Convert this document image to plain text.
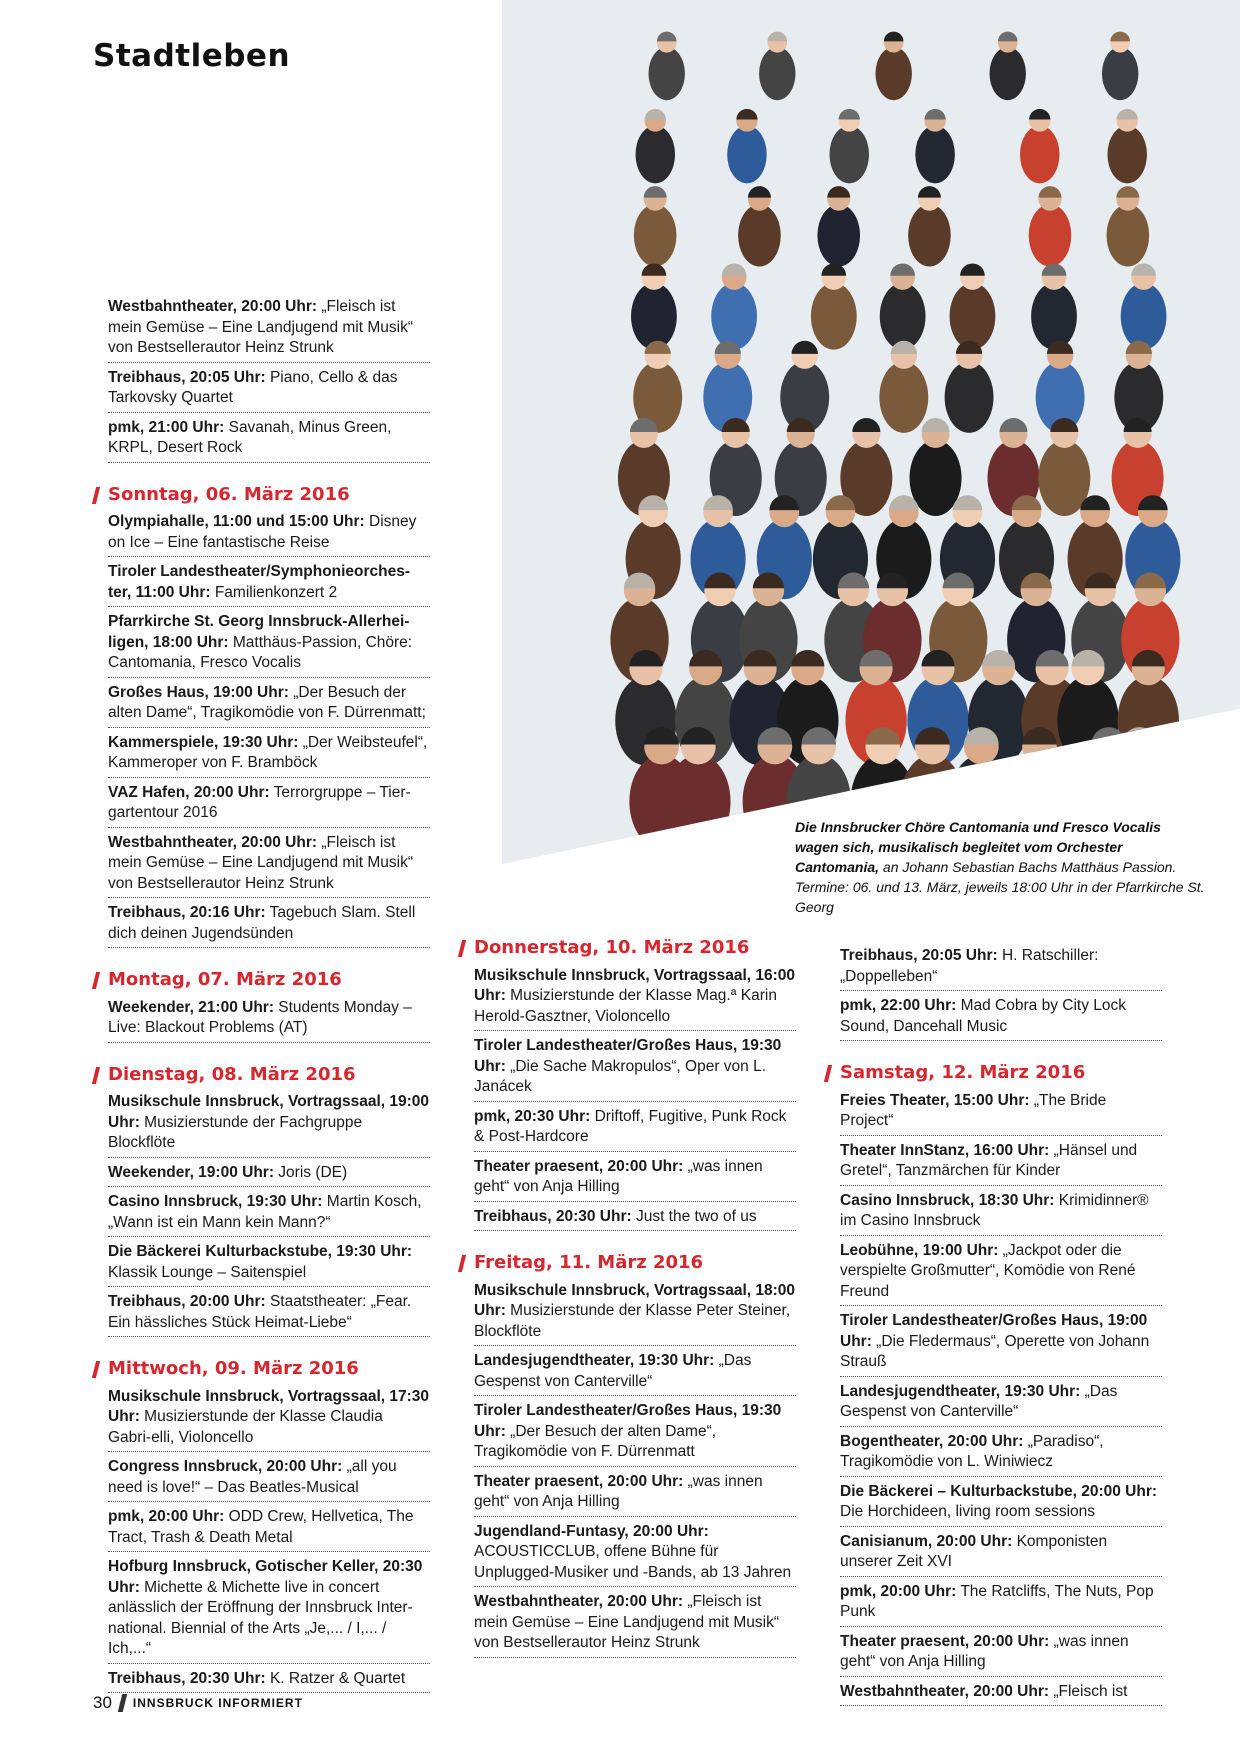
Stadtleben
Die Innsbrucker Chöre Cantomania und Fresco Vocalis wagen sich, musikalisch begleitet vom Orchester Cantomania, an Johann Sebastian Bachs Matthäus Passion. Termine: 06. und 13. März, jeweils 18:00 Uhr in der Pfarrkirche St. Georg
Westbahntheater, 20:00 Uhr: „Fleisch ist mein Gemüse – Eine Landjugend mit Musik“ von Bestsellerautor Heinz Strunk
Treibhaus, 20:05 Uhr: Piano, Cello & das Tarkovsky Quartet
pmk, 21:00 Uhr: Savanah, Minus Green, KRPL, Desert Rock
Sonntag, 06. März 2016
Olympiahalle, 11:00 und 15:00 Uhr: Disney on Ice – Eine fantastische Reise
Tiroler Landestheater/Symphonieorches-ter, 11:00 Uhr: Familienkonzert 2
Pfarrkirche St. Georg Innsbruck-Allerhei-ligen, 18:00 Uhr: Matthäus-Passion, Chöre: Cantomania, Fresco Vocalis
Großes Haus, 19:00 Uhr: „Der Besuch der alten Dame“, Tragikomödie von F. Dürrenmatt;
Kammerspiele, 19:30 Uhr: „Der Weibsteufel“, Kammeroper von F. Bramböck
VAZ Hafen, 20:00 Uhr: Terrorgruppe – Tier-gartentour 2016
Westbahntheater, 20:00 Uhr: „Fleisch ist mein Gemüse – Eine Landjugend mit Musik“ von Bestsellerautor Heinz Strunk
Treibhaus, 20:16 Uhr: Tagebuch Slam. Stell dich deinen Jugendsünden
Montag, 07. März 2016
Weekender, 21:00 Uhr: Students Monday – Live: Blackout Problems (AT)
Dienstag, 08. März 2016
Musikschule Innsbruck, Vortragssaal, 19:00 Uhr: Musizierstunde der Fachgruppe Blockflöte
Weekender, 19:00 Uhr: Joris (DE)
Casino Innsbruck, 19:30 Uhr: Martin Kosch, „Wann ist ein Mann kein Mann?“
Die Bäckerei Kulturbackstube, 19:30 Uhr: Klassik Lounge – Saitenspiel
Treibhaus, 20:00 Uhr: Staatstheater: „Fear. Ein hässliches Stück Heimat-Liebe“
Mittwoch, 09. März 2016
Musikschule Innsbruck, Vortragssaal, 17:30 Uhr: Musizierstunde der Klasse Claudia Gabri-elli, Violoncello
Congress Innsbruck, 20:00 Uhr: „all you need is love!“ – Das Beatles-Musical
pmk, 20:00 Uhr: ODD Crew, Hellvetica, The Tract, Trash & Death Metal
Hofburg Innsbruck, Gotischer Keller, 20:30 Uhr: Michette & Michette live in concert anlässlich der Eröffnung der Innsbruck Inter-national. Biennial of the Arts „Je,... / I,... / Ich,...“
Treibhaus, 20:30 Uhr: K. Ratzer & Quartet
Donnerstag, 10. März 2016
Musikschule Innsbruck, Vortragssaal, 16:00 Uhr: Musizierstunde der Klasse Mag.ª Karin Herold-Gasztner, Violoncello
Tiroler Landestheater/Großes Haus, 19:30 Uhr: „Die Sache Makropulos“, Oper von L. Janácek
pmk, 20:30 Uhr: Driftoff, Fugitive, Punk Rock & Post-Hardcore
Theater praesent, 20:00 Uhr: „was innen geht“ von Anja Hilling
Treibhaus, 20:30 Uhr: Just the two of us
Freitag, 11. März 2016
Musikschule Innsbruck, Vortragssaal, 18:00 Uhr: Musizierstunde der Klasse Peter Steiner, Blockflöte
Landesjugendtheater, 19:30 Uhr: „Das Gespenst von Canterville“
Tiroler Landestheater/Großes Haus, 19:30 Uhr: „Der Besuch der alten Dame“, Tragikomödie von F. Dürrenmatt
Theater praesent, 20:00 Uhr: „was innen geht“ von Anja Hilling
Jugendland-Funtasy, 20:00 Uhr: ACOUSTICCLUB, offene Bühne für Unplugged-Musiker und -Bands, ab 13 Jahren
Westbahntheater, 20:00 Uhr: „Fleisch ist mein Gemüse – Eine Landjugend mit Musik“ von Bestsellerautor Heinz Strunk
Treibhaus, 20:05 Uhr: H. Ratschiller: „Doppelleben“
pmk, 22:00 Uhr: Mad Cobra by City Lock Sound, Dancehall Music
Samstag, 12. März 2016
Freies Theater, 15:00 Uhr: „The Bride Project“
Theater InnStanz, 16:00 Uhr: „Hänsel und Gretel“, Tanzmärchen für Kinder
Casino Innsbruck, 18:30 Uhr: Krimidinner® im Casino Innsbruck
Leobühne, 19:00 Uhr: „Jackpot oder die verspielte Großmutter“, Komödie von René Freund
Tiroler Landestheater/Großes Haus, 19:00 Uhr: „Die Fledermaus“, Operette von Johann Strauß
Landesjugendtheater, 19:30 Uhr: „Das Gespenst von Canterville“
Bogentheater, 20:00 Uhr: „Paradiso“, Tragikomödie von L. Winiwiecz
Die Bäckerei – Kulturbackstube, 20:00 Uhr: Die Horchideen, living room sessions
Canisianum, 20:00 Uhr: Komponisten unserer Zeit XVI
pmk, 20:00 Uhr: The Ratcliffs, The Nuts, Pop Punk
Theater praesent, 20:00 Uhr: „was innen geht“ von Anja Hilling
Westbahntheater, 20:00 Uhr: „Fleisch ist
30 INNSBRUCK INFORMIERT
